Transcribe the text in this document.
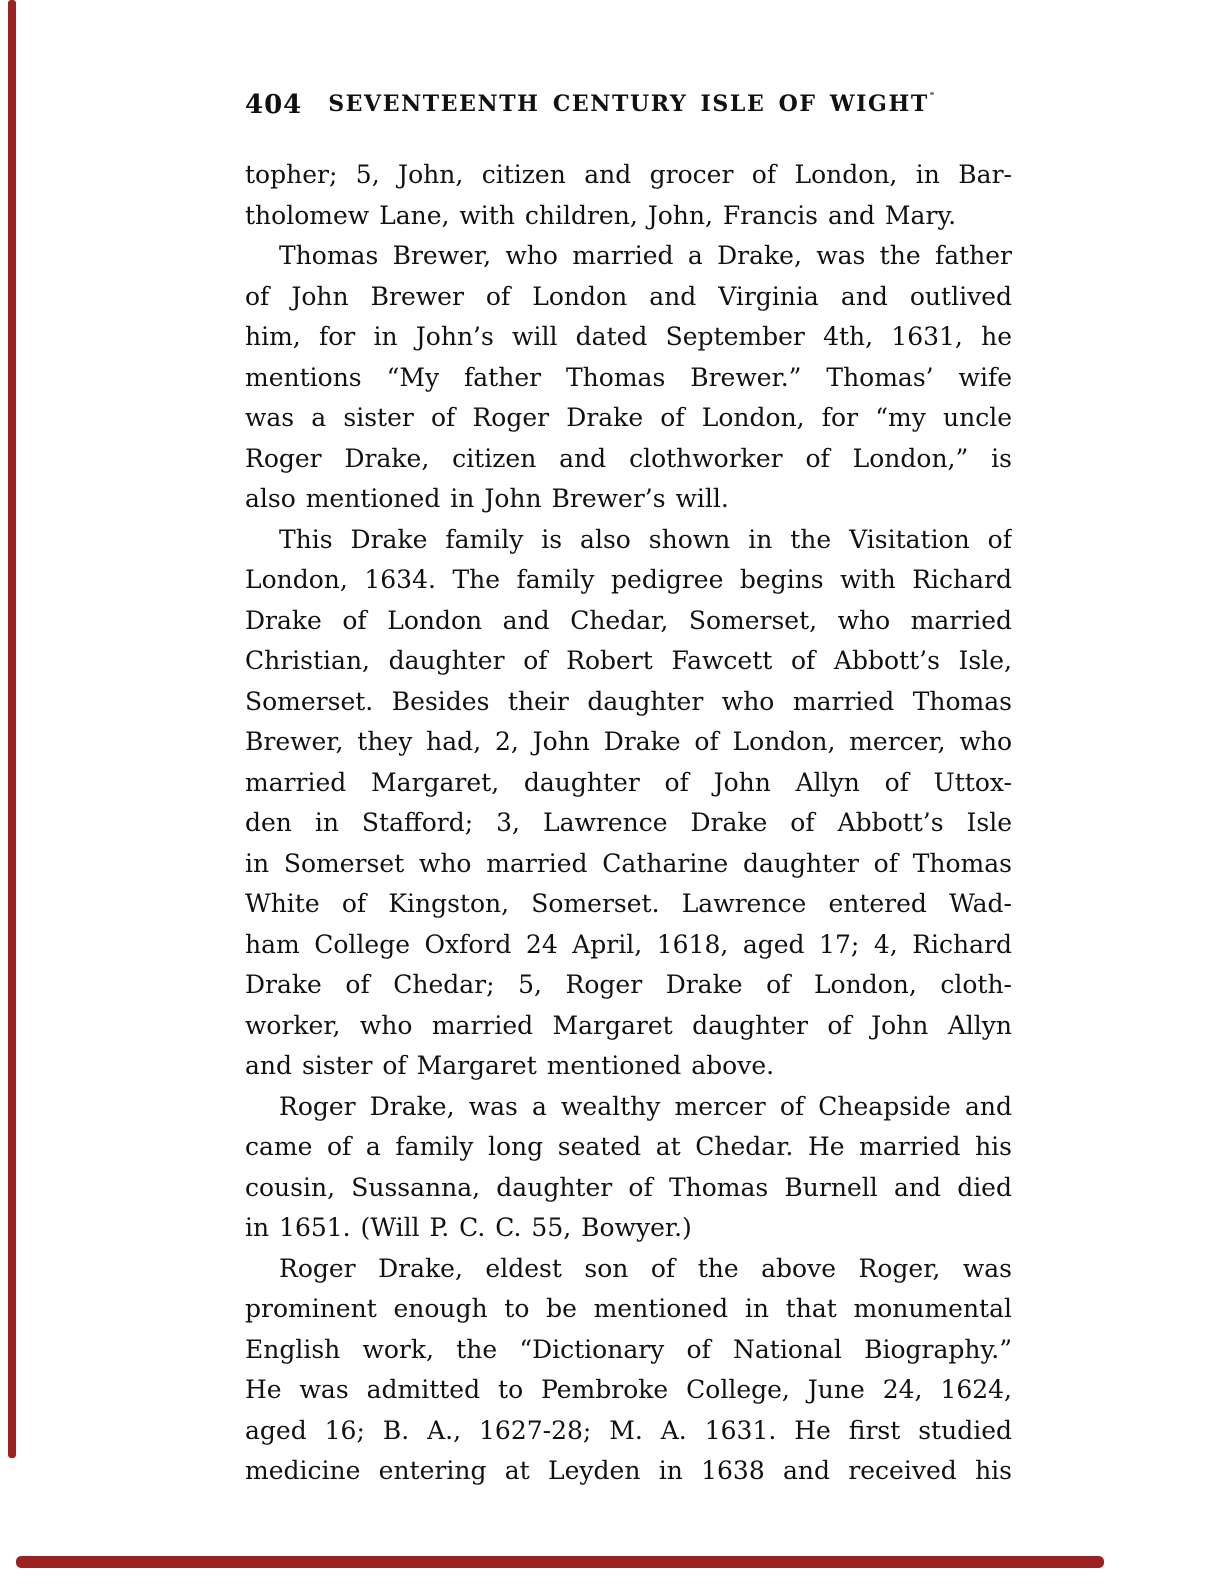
404	SEVENTEENTH CENTURY ISLE OF WIGHT
topher; 5, John, citizen and grocer of London, in Bar-
tholomew Lane, with children, John, Francis and Mary.
Thomas Brewer, who married a Drake, was the father
of John Brewer of London and Virginia and outlived
him, for in John’s will dated September 4th, 1631, he
mentions “My father Thomas Brewer.” Thomas’ wife
was a sister of Roger Drake of London, for “my uncle
Roger Drake, citizen and clothworker of London,” is
also mentioned in John Brewer’s will.
This Drake family is also shown in the Visitation of
London, 1634. The family pedigree begins with Richard
Drake of London and Chedar, Somerset, who married
Christian, daughter of Robert Fawcett of Abbott’s Isle,
Somerset. Besides their daughter who married Thomas
Brewer, they had, 2, John Drake of London, mercer, who
married Margaret, daughter of John Allyn of Uttox-
den in Stafford; 3, Lawrence Drake of Abbott’s Isle
in Somerset who married Catharine daughter of Thomas
White of Kingston, Somerset. Lawrence entered Wad-
ham College Oxford 24 April, 1618, aged 17; 4, Richard
Drake of Chedar; 5, Roger Drake of London, cloth-
worker, who married Margaret daughter of John Allyn
and sister of Margaret mentioned above.
Roger Drake, was a wealthy mercer of Cheapside and
came of a family long seated at Chedar. He married his
cousin, Sussanna, daughter of Thomas Burnell and died
in 1651. (Will P. C. C. 55, Bowyer.)
Roger Drake, eldest son of the above Roger, was
prominent enough to be mentioned in that monumental
English work, the “Dictionary of National Biography.”
He was admitted to Pembroke College, June 24, 1624,
aged 16; B. A., 1627-28; M. A. 1631. He first studied
medicine entering at Leyden in 1638 and received his
